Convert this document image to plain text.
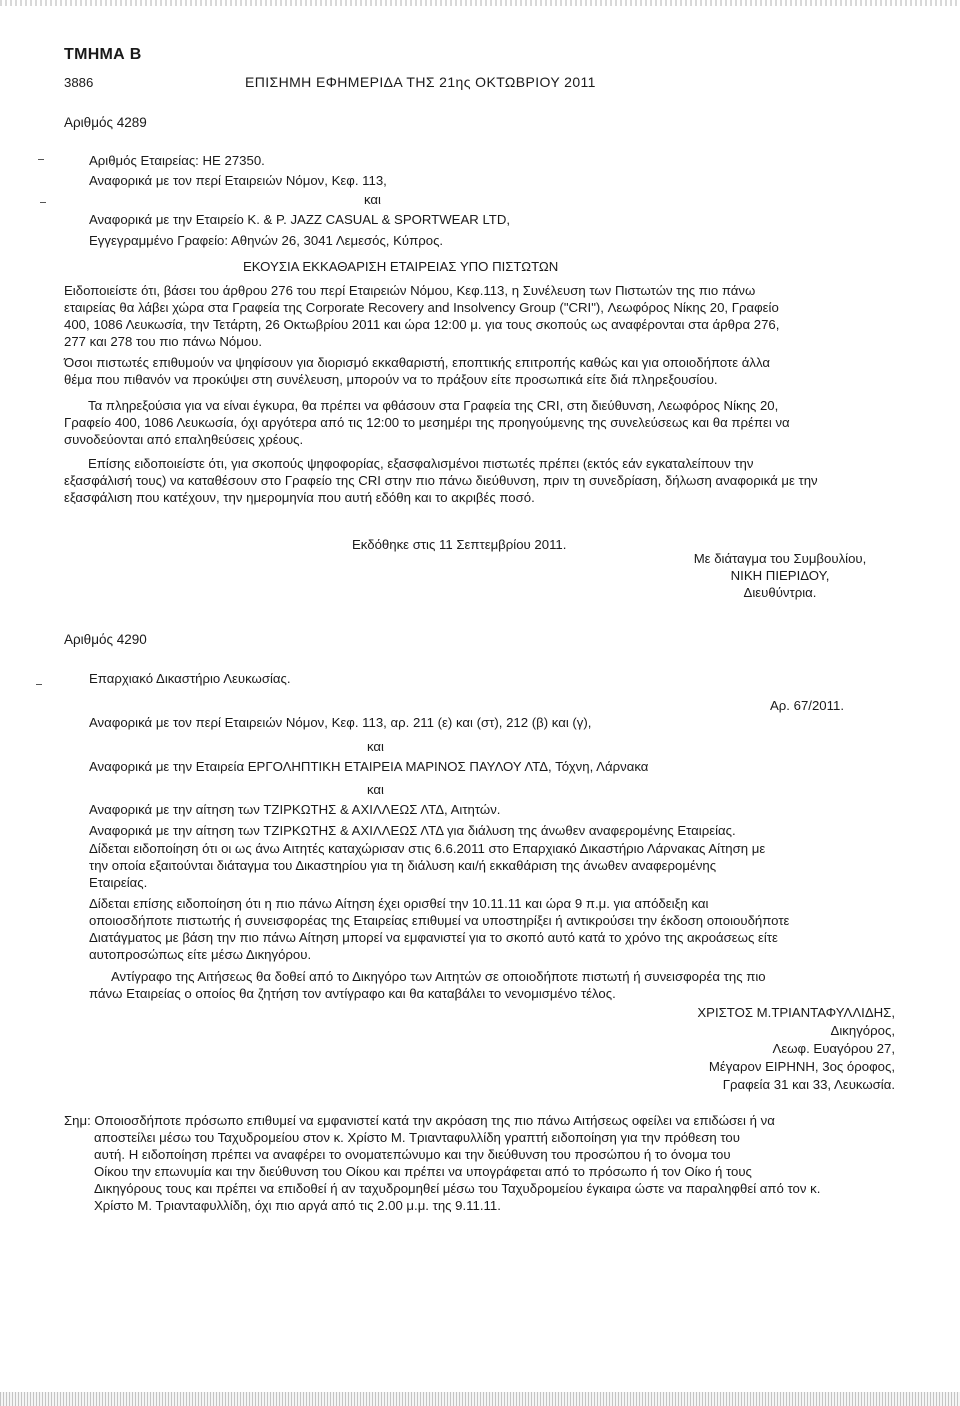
ΤΜΗΜΑ Β
3886	ΕΠΙΣΗΜΗ ΕΦΗΜΕΡΙΔΑ ΤΗΣ 21ης ΟΚΤΩΒΡΙΟΥ 2011
Αριθμός 4289
Αριθμός Εταιρείας: ΗΕ 27350.
Αναφορικά με τον περί Εταιρειών Νόμον, Κεφ. 113,
και
Αναφορικά με την Εταιρείο Κ. & Ρ. JAZZ CASUAL & SPORTWEAR LTD,
Εγγεγραμμένο Γραφείο: Αθηνών 26, 3041 Λεμεσός, Κύπρος.
ΕΚΟΥΣΙΑ ΕΚΚΑΘΑΡΙΣΗ ΕΤΑΙΡΕΙΑΣ ΥΠΟ ΠΙΣΤΩΤΩΝ
Ειδοποιείστε ότι, βάσει του άρθρου 276 του περί Εταιρειών Νόμου, Κεφ.113, η Συνέλευση των Πιστωτών της πιο πάνω
εταιρείας θα λάβει χώρα στα Γραφεία της Corporate Recovery and Insolvency Group ("CRI"), Λεωφόρος Νίκης 20, Γραφείο
400, 1086 Λευκωσία, την Τετάρτη, 26 Οκτωβρίου 2011 και ώρα 12:00 μ. για τους σκοπούς ως αναφέρονται στα άρθρα 276,
277 και 278 του πιο πάνω Νόμου.
Όσοι πιστωτές επιθυμούν να ψηφίσουν για διορισμό εκκαθαριστή, εποπτικής επιτροπής καθώς και για οποιοδήποτε άλλα
θέμα που πιθανόν να προκύψει στη συνέλευση, μπορούν να το πράξουν είτε προσωπικά είτε διά πληρεξουσίου.
Τα πληρεξούσια για να είναι έγκυρα, θα πρέπει να φθάσουν στα Γραφεία της CRI, στη διεύθυνση, Λεωφόρος Νίκης 20,
Γραφείο 400, 1086 Λευκωσία, όχι αργότερα από τις 12:00 το μεσημέρι της προηγούμενης της συνελεύσεως και θα πρέπει να
συνοδεύονται από επαληθεύσεις χρέους.
Επίσης ειδοποιείστε ότι, για σκοπούς ψηφοφορίας, εξασφαλισμένοι πιστωτές πρέπει (εκτός εάν εγκαταλείπουν την
εξασφάλισή τους) να καταθέσουν στο Γραφείο της CRI στην πιο πάνω διεύθυνση, πριν τη συνεδρίαση, δήλωση αναφορικά με την
εξασφάλιση που κατέχουν, την ημερομηνία που αυτή εδόθη και το ακριβές ποσό.
Εκδόθηκε στις 11 Σεπτεμβρίου 2011.
Με διάταγμα του Συμβουλίου,
ΝΙΚΗ ΠΙΕΡΙΔΟΥ,
Διευθύντρια.
Αριθμός 4290
Επαρχιακό Δικαστήριο Λευκωσίας.
Αρ. 67/2011.
Αναφορικά με τον περί Εταιρειών Νόμον, Κεφ. 113, αρ. 211 (ε) και (στ), 212 (β) και (γ),
και
Αναφορικά με την Εταιρεία ΕΡΓΟΛΗΠΤΙΚΗ ΕΤΑΙΡΕΙΑ ΜΑΡΙΝΟΣ ΠΑΥΛΟΥ ΛΤΔ, Τόχνη, Λάρνακα
και
Αναφορικά με την αίτηση των ΤΖΙΡΚΩΤΗΣ & ΑΧΙΛΛΕΩΣ ΛΤΔ, Αιτητών.
Αναφορικά με την αίτηση των ΤΖΙΡΚΩΤΗΣ & ΑΧΙΛΛΕΩΣ ΛΤΔ για διάλυση της άνωθεν αναφερομένης Εταιρείας.
Δίδεται ειδοποίηση ότι οι ως άνω Αιτητές καταχώρισαν στις 6.6.2011 στο Επαρχιακό Δικαστήριο Λάρνακας Αίτηση με
την οποία εξαιτούνται διάταγμα του Δικαστηρίου για τη διάλυση και/ή εκκαθάριση της άνωθεν αναφερομένης
Εταιρείας.
Δίδεται επίσης ειδοποίηση ότι η πιο πάνω Αίτηση έχει ορισθεί την 10.11.11 και ώρα 9 π.μ. για απόδειξη και
οποιοσδήποτε πιστωτής ή συνεισφορέας της Εταιρείας επιθυμεί να υποστηρίξει ή αντικρούσει την έκδοση οποιουδήποτε
Διατάγματος με βάση την πιο πάνω Αίτηση μπορεί να εμφανιστεί για το σκοπό αυτό κατά το χρόνο της ακροάσεως είτε
αυτοπροσώπως είτε μέσω Δικηγόρου.
Αντίγραφο της Αιτήσεως θα δοθεί από το Δικηγόρο των Αιτητών σε οποιοδήποτε πιστωτή ή συνεισφορέα της πιο
πάνω Εταιρείας ο οποίος θα ζητήση τον αντίγραφο και θα καταβάλει το νενομισμένο τέλος.
ΧΡΙΣΤΟΣ Μ.ΤΡΙΑΝΤΑΦΥΛΛΙΔΗΣ,
Δικηγόρος,
Λεωφ. Ευαγόρου 27,
Μέγαρον ΕΙΡΗΝΗ, 3ος όροφος,
Γραφεία 31 και 33, Λευκωσία.
Σημ: Οποιοσδήποτε πρόσωπο επιθυμεί να εμφανιστεί κατά την ακρόαση της πιο πάνω Αιτήσεως οφείλει να επιδώσει ή να
αποστείλει μέσω του Ταχυδρομείου στον κ. Χρίστο Μ. Τριανταφυλλίδη γραπτή ειδοποίηση για την πρόθεση του
αυτή. Η ειδοποίηση πρέπει να αναφέρει το ονοματεπώνυμο και την διεύθυνση του προσώπου ή το όνομα του
Οίκου την επωνυμία και την διεύθυνση του Οίκου και πρέπει να υπογράφεται από το πρόσωπο ή τον Οίκο ή τους
Δικηγόρους τους και πρέπει να επιδοθεί ή αν ταχυδρομηθεί μέσω του Ταχυδρομείου έγκαιρα ώστε να παραληφθεί από τον κ.
Χρίστο Μ. Τριανταφυλλίδη, όχι πιο αργά από τις 2.00 μ.μ. της 9.11.11.
